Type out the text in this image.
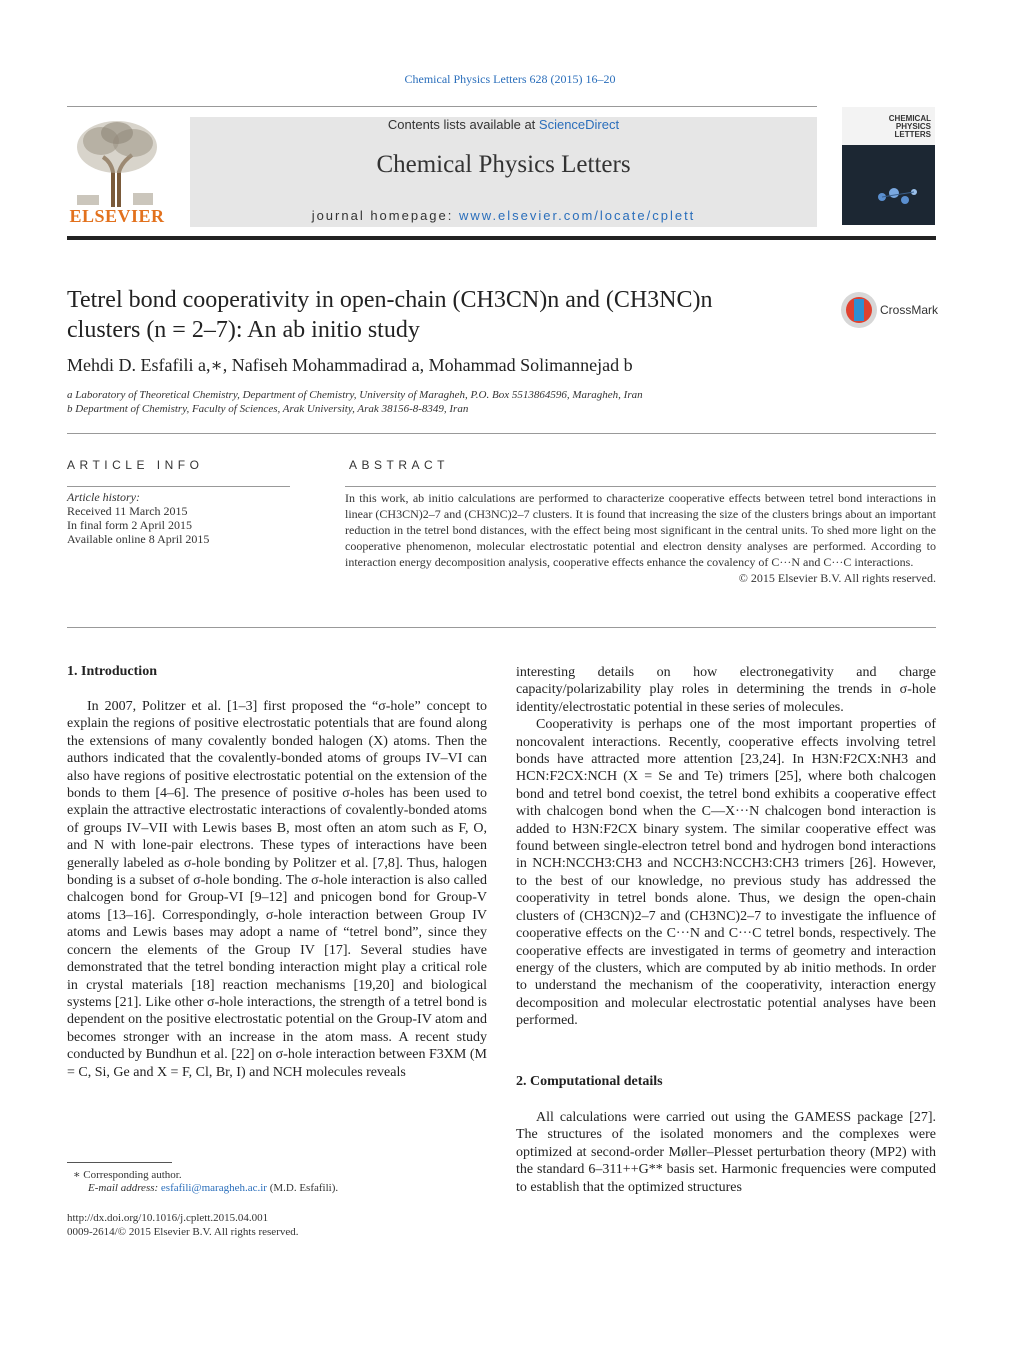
Chemical Physics Letters 628 (2015) 16–20
ELSEVIER
Contents lists available at ScienceDirect
Chemical Physics Letters
journal homepage: www.elsevier.com/locate/cplett
CHEMICAL PHYSICS LETTERS
Tetrel bond cooperativity in open-chain (CH3CN)n and (CH3NC)n
clusters (n = 2–7): An ab initio study
CrossMark
Mehdi D. Esfafili a,∗, Nafiseh Mohammadirad a, Mohammad Solimannejad b
a Laboratory of Theoretical Chemistry, Department of Chemistry, University of Maragheh, P.O. Box 5513864596, Maragheh, Iran
b Department of Chemistry, Faculty of Sciences, Arak University, Arak 38156-8-8349, Iran
ARTICLE INFO
Article history:
Received 11 March 2015
In final form 2 April 2015
Available online 8 April 2015
ABSTRACT
In this work, ab initio calculations are performed to characterize cooperative effects between tetrel bond interactions in linear (CH3CN)2–7 and (CH3NC)2–7 clusters. It is found that increasing the size of the clusters brings about an important reduction in the tetrel bond distances, with the effect being most significant in the central units. To shed more light on the cooperative phenomenon, molecular electrostatic potential and electron density analyses are performed. According to interaction energy decomposition analysis, cooperative effects enhance the covalency of C···N and C···C interactions.
© 2015 Elsevier B.V. All rights reserved.
1. Introduction

In 2007, Politzer et al. [1–3] first proposed the “σ-hole” concept to explain the regions of positive electrostatic potentials that are found along the extensions of many covalently bonded halogen (X) atoms. Then the authors indicated that the covalently-bonded atoms of groups IV–VI can also have regions of positive electrostatic potential on the extension of the bonds to them [4–6]. The presence of positive σ-holes has been used to explain the attractive electrostatic interactions of covalently-bonded atoms of groups IV–VII with Lewis bases B, most often an atom such as F, O, and N with lone-pair electrons. These types of interactions have been generally labeled as σ-hole bonding by Politzer et al. [7,8]. Thus, halogen bonding is a subset of σ-hole bonding. The σ-hole interaction is also called chalcogen bond for Group-VI [9–12] and pnicogen bond for Group-V atoms [13–16]. Correspondingly, σ-hole interaction between Group IV atoms and Lewis bases may adopt a name of “tetrel bond”, since they concern the elements of the Group IV [17]. Several studies have demonstrated that the tetrel bonding interaction might play a critical role in crystal materials [18] reaction mechanisms [19,20] and biological systems [21]. Like other σ-hole interactions, the strength of a tetrel bond is dependent on the positive electrostatic potential on the Group-IV atom and becomes stronger with an increase in the atom mass. A recent study conducted by Bundhun et al. [22] on σ-hole interaction between F3XM (M = C, Si, Ge and X = F, Cl, Br, I) and NCH molecules reveals

interesting details on how electronegativity and charge capacity/polarizability play roles in determining the trends in σ-hole identity/electrostatic potential in these series of molecules.

Cooperativity is perhaps one of the most important properties of noncovalent interactions. Recently, cooperative effects involving tetrel bonds have attracted more attention [23,24]. In H3N:F2CX:NH3 and HCN:F2CX:NCH (X = Se and Te) trimers [25], where both chalcogen bond and tetrel bond coexist, the tetrel bond exhibits a cooperative effect with chalcogen bond when the C—X···N chalcogen bond interaction is added to H3N:F2CX binary system. The similar cooperative effect was found between single-electron tetrel bond and hydrogen bond interactions in NCH:NCCH3:CH3 and NCCH3:NCCH3:CH3 trimers [26]. However, to the best of our knowledge, no previous study has addressed the cooperativity in tetrel bonds alone. Thus, we design the open-chain clusters of (CH3CN)2–7 and (CH3NC)2–7 to investigate the influence of cooperative effects on the C···N and C···C tetrel bonds, respectively. The cooperative effects are investigated in terms of geometry and interaction energy of the clusters, which are computed by ab initio methods. In order to understand the mechanism of the cooperativity, interaction energy decomposition and molecular electrostatic potential analyses have been performed.

2. Computational details

All calculations were carried out using the GAMESS package [27]. The structures of the isolated monomers and the complexes were optimized at second-order Møller–Plesset perturbation theory (MP2) with the standard 6–311++G** basis set. Harmonic frequencies were computed to establish that the optimized structures

∗ Corresponding author.
E-mail address: esfafili@maragheh.ac.ir (M.D. Esfafili).
http://dx.doi.org/10.1016/j.cplett.2015.04.001
0009-2614/© 2015 Elsevier B.V. All rights reserved.
